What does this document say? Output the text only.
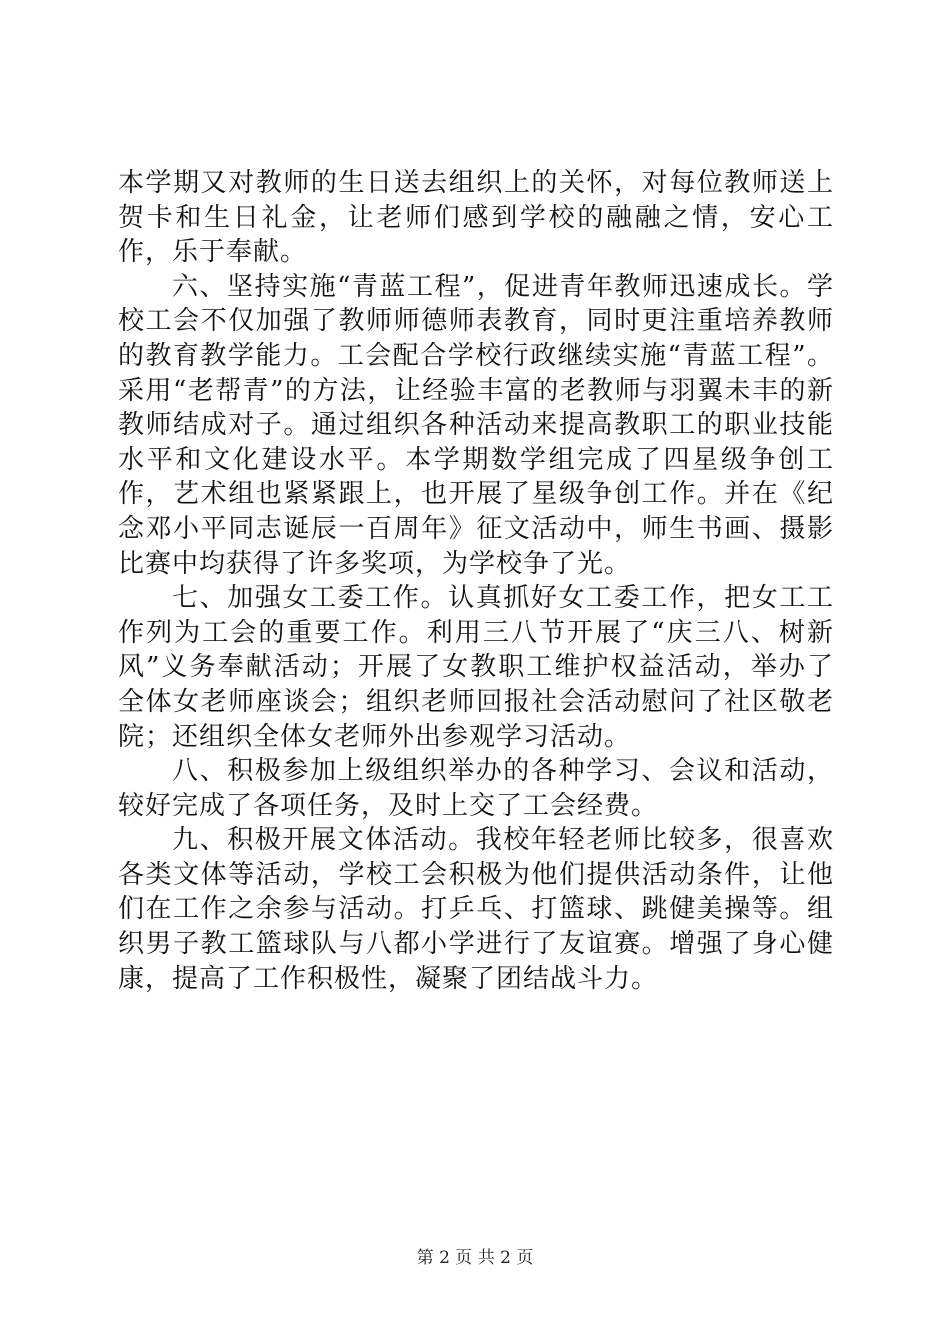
本学期又对教师的生日送去组织上的关怀，对每位教师送上贺卡和生日礼金，让老师们感到学校的融融之情，安心工作，乐于奉献。

六、坚持实施“青蓝工程”，促进青年教师迅速成长。学校工会不仅加强了教师师德师表教育，同时更注重培养教师的教育教学能力。工会配合学校行政继续实施“青蓝工程”。采用“老帮青”的方法，让经验丰富的老教师与羽翼未丰的新教师结成对子。通过组织各种活动来提高教职工的职业技能水平和文化建设水平。本学期数学组完成了四星级争创工作，艺术组也紧紧跟上，也开展了星级争创工作。并在《纪念邓小平同志诞辰一百周年》征文活动中，师生书画、摄影比赛中均获得了许多奖项，为学校争了光。

七、加强女工委工作。认真抓好女工委工作，把女工工作列为工会的重要工作。利用三八节开展了“庆三八、树新风”义务奉献活动；开展了女教职工维护权益活动，举办了全体女老师座谈会；组织老师回报社会活动慰问了社区敬老院；还组织全体女老师外出参观学习活动。

八、积极参加上级组织举办的各种学习、会议和活动，较好完成了各项任务，及时上交了工会经费。

九、积极开展文体活动。我校年轻老师比较多，很喜欢各类文体等活动，学校工会积极为他们提供活动条件，让他们在工作之余参与活动。打乒乓、打篮球、跳健美操等。组织男子教工篮球队与八都小学进行了友谊赛。增强了身心健康，提高了工作积极性，凝聚了团结战斗力。

第 2 页 共 2 页
